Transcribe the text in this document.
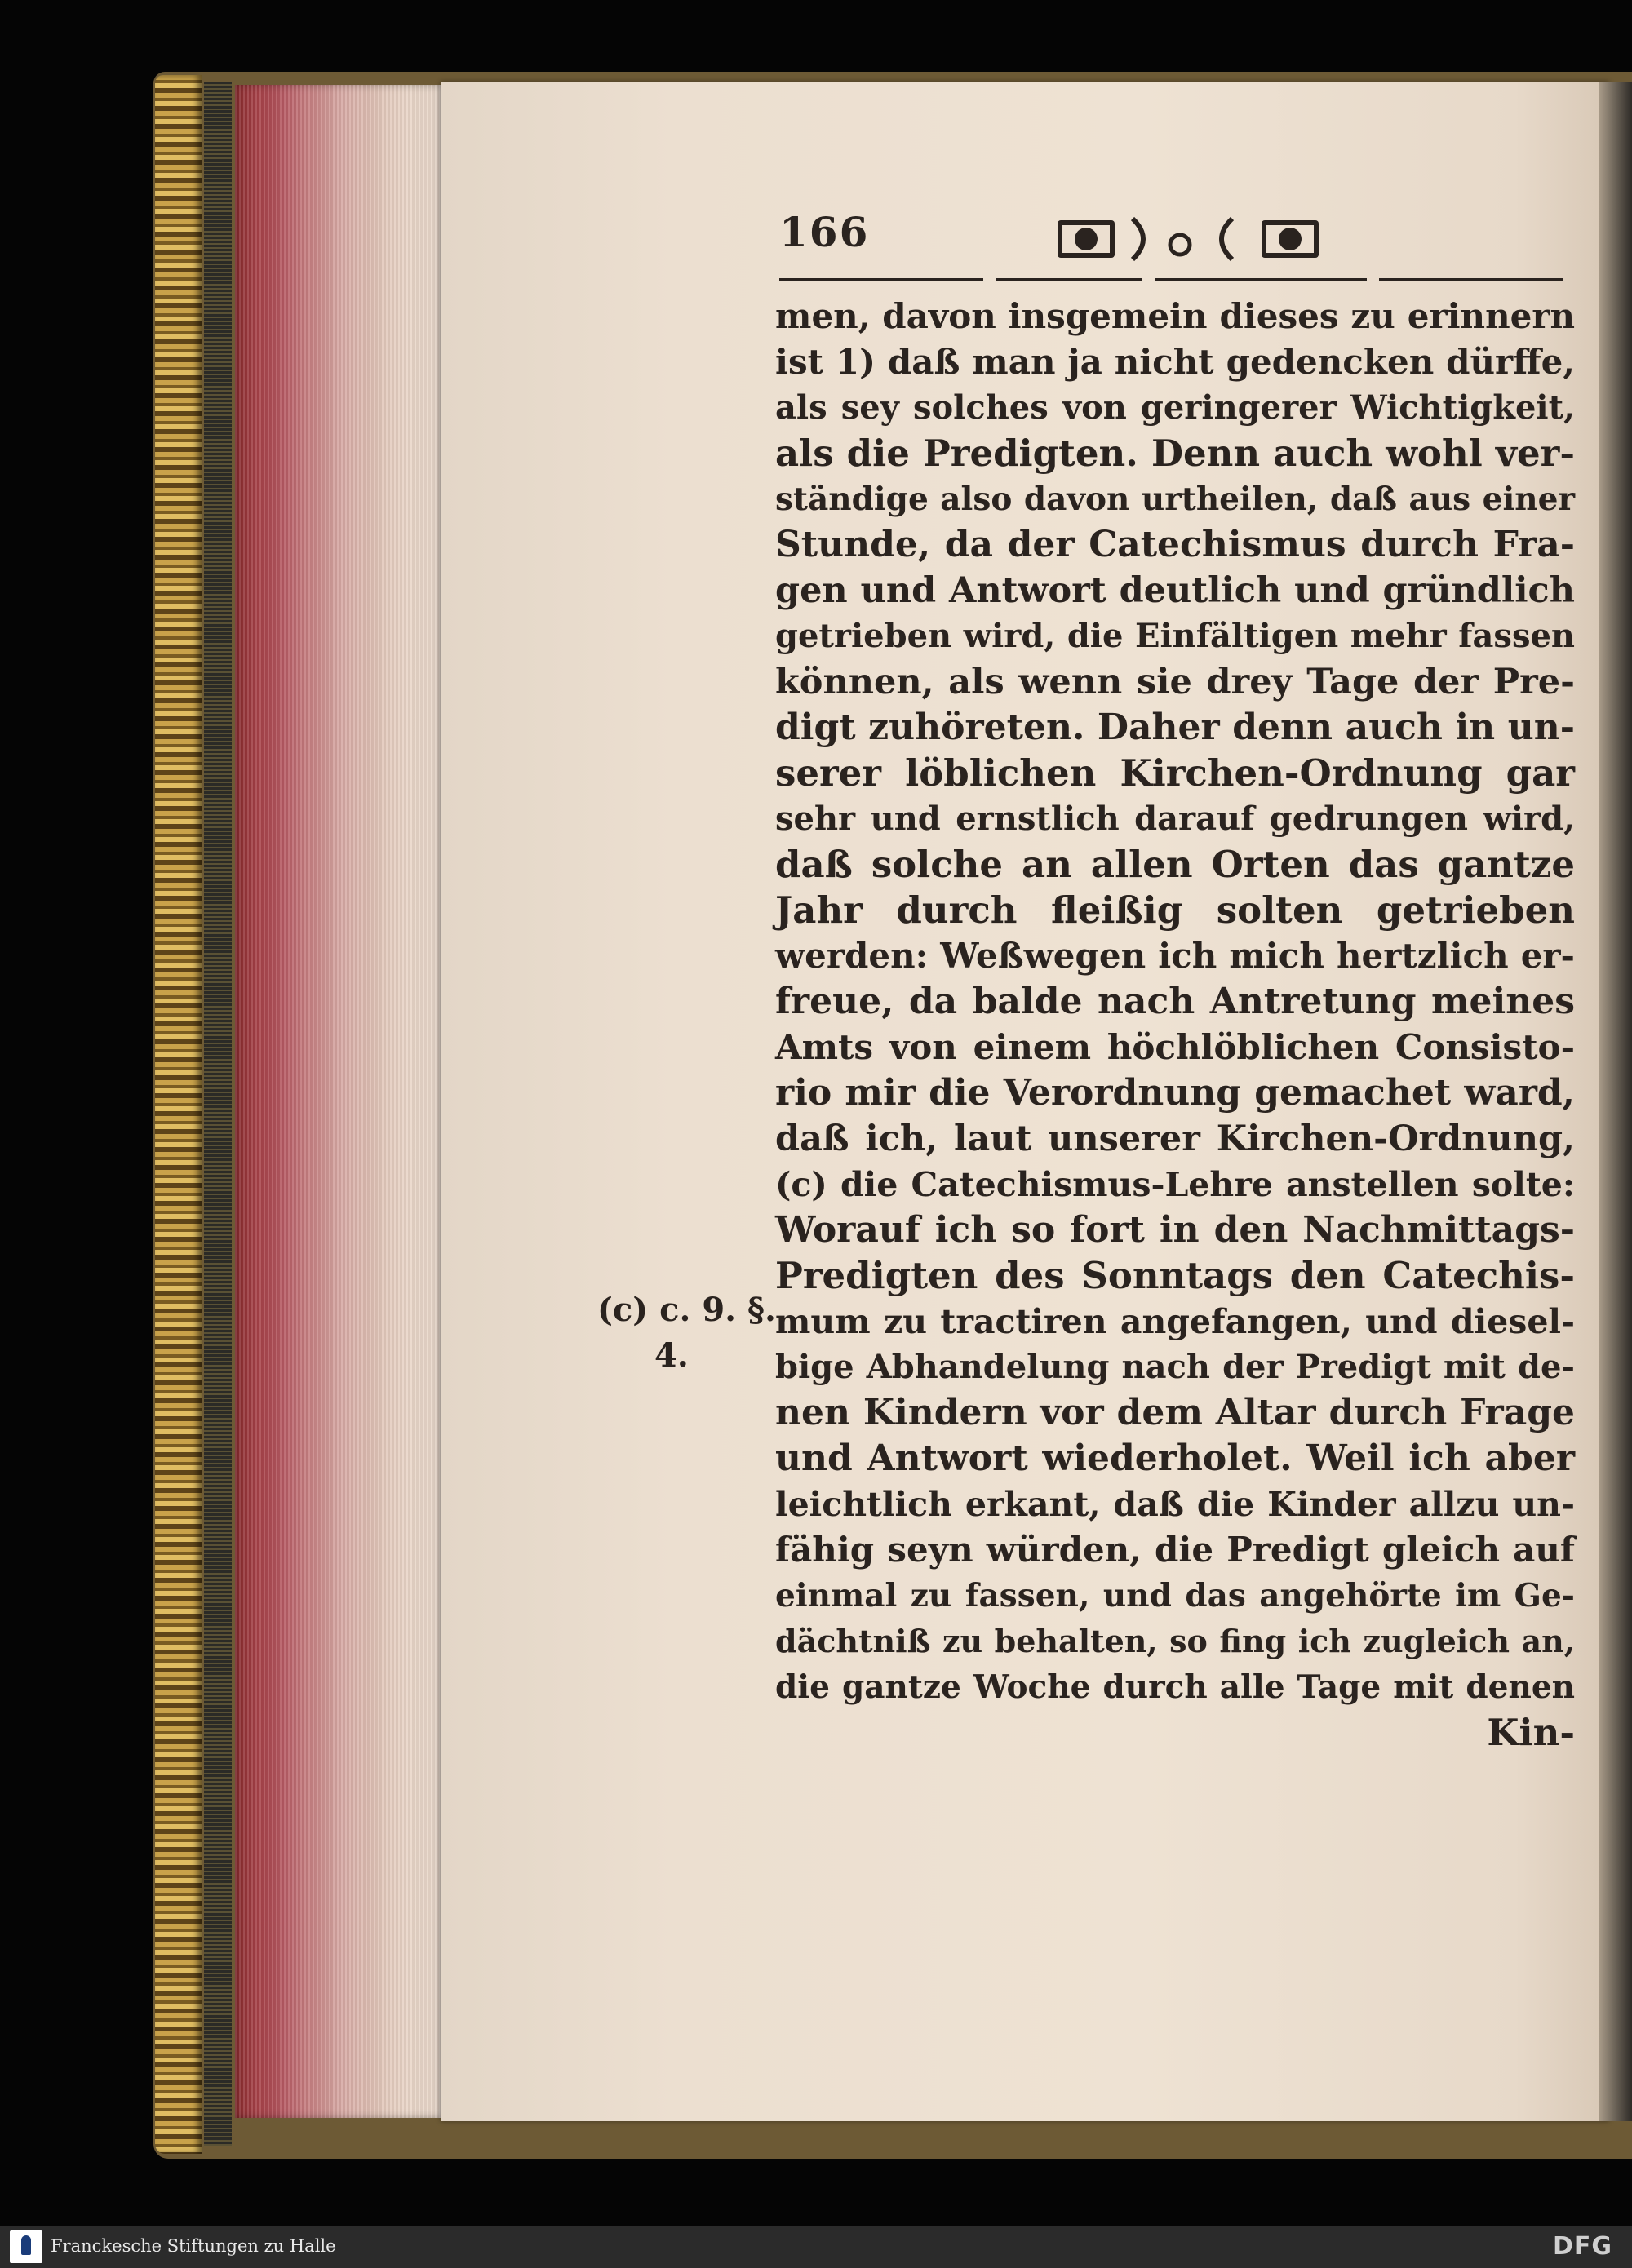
166
men, davon insgemein dieses zu erinnern
ist 1) daß man ja nicht gedencken dürffe,
als sey solches von geringerer Wichtigkeit,
als die Predigten. Denn auch wohl ver-
ständige also davon urtheilen, daß aus einer
Stunde, da der Catechismus durch Fra-
gen und Antwort deutlich und gründlich
getrieben wird, die Einfältigen mehr fassen
können, als wenn sie drey Tage der Pre-
digt zuhöreten. Daher denn auch in un-
serer löblichen Kirchen-Ordnung gar
sehr und ernstlich darauf gedrungen wird,
daß solche an allen Orten das gantze
Jahr durch fleißig solten getrieben
werden: Weßwegen ich mich hertzlich er-
freue, da balde nach Antretung meines
Amts von einem höchlöblichen Consisto-
rio mir die Verordnung gemachet ward,
daß ich, laut unserer Kirchen-Ordnung,
(c) die Catechismus-Lehre anstellen solte:
Worauf ich so fort in den Nachmittags-
Predigten des Sonntags den Catechis-
mum zu tractiren angefangen, und diesel-
bige Abhandelung nach der Predigt mit de-
nen Kindern vor dem Altar durch Frage
und Antwort wiederholet. Weil ich aber
leichtlich erkant, daß die Kinder allzu un-
fähig seyn würden, die Predigt gleich auf
einmal zu fassen, und das angehörte im Ge-
dächtniß zu behalten, so fing ich zugleich an,
die gantze Woche durch alle Tage mit denen
Kin-
(c) c. 9. §.
4.
Franckesche Stiftungen zu Halle	DFG
